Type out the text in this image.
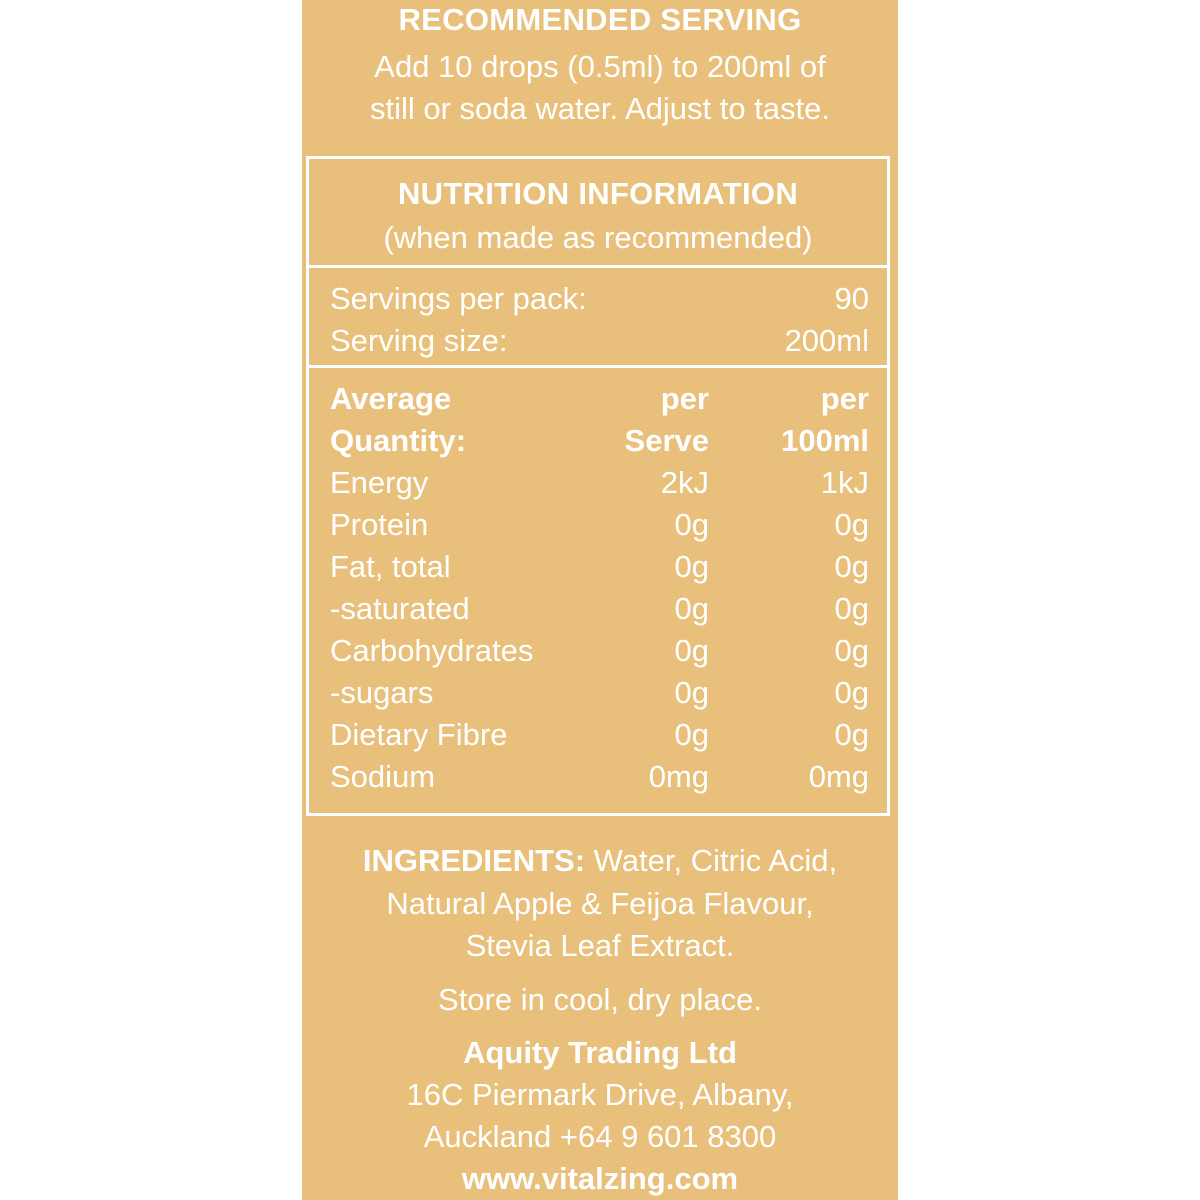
RECOMMENDED SERVING
Add 10 drops (0.5ml) to 200ml of
still or soda water. Adjust to taste.
NUTRITION INFORMATION
(when made as recommended)
Servings per pack:	90
Serving size:	200ml
Average	per	per
Quantity:	Serve 100ml
Energy	2kJ	1kJ
Protein	0g	0g
Fat, total	0g	0g
-saturated	0g	0g
Carbohydrates	0g	0g
-sugars	0g	0g
Dietary Fibre	0g	0g
Sodium	0mg	0mg
INGREDIENTS: Water, Citric Acid,
Natural Apple & Feijoa Flavour,
Stevia Leaf Extract.
Store in cool, dry place.
Aquity Trading Ltd
16C Piermark Drive, Albany,
Auckland +64 9 601 8300
www.vitalzing.com
